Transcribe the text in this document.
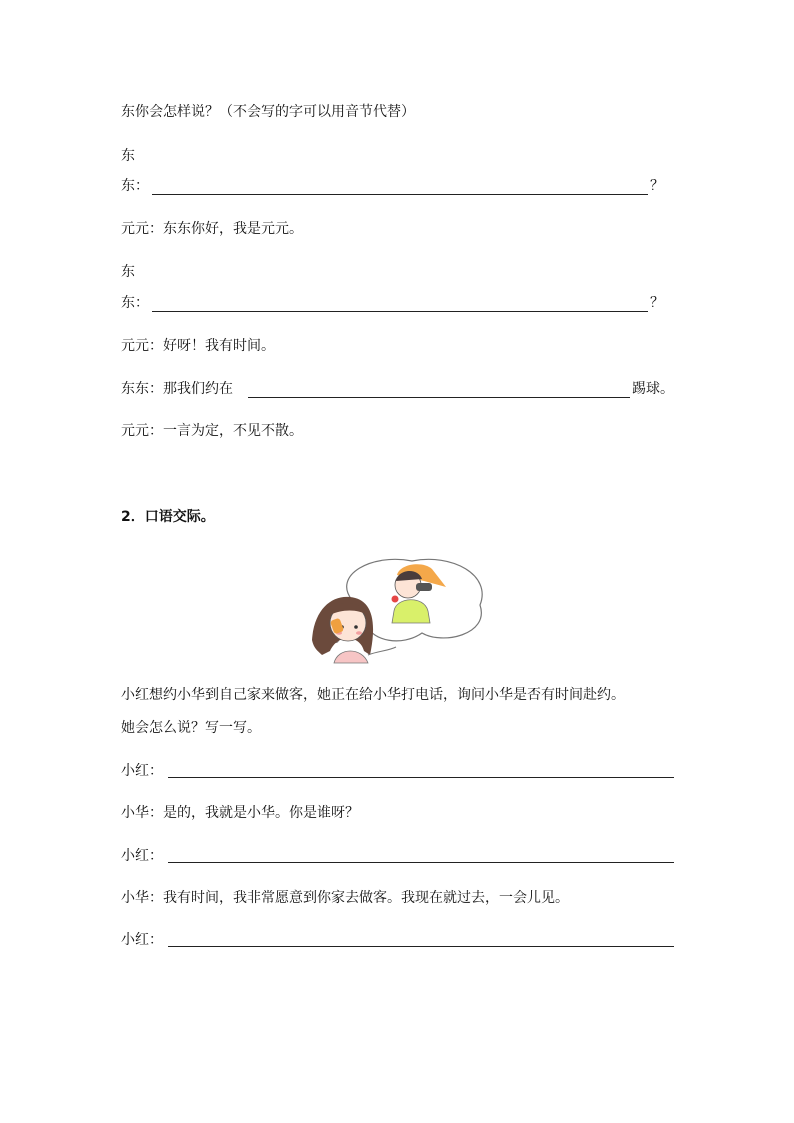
东你会怎样说？（不会写的字可以用音节代替）
东
东：	？
元元：东东你好，我是元元。
东
东：	？
元元：好呀！我有时间。
东东：那我们约在	踢球。
元元：一言为定，不见不散。
2．口语交际。
小红想约小华到自己家来做客，她正在给小华打电话，询问小华是否有时间赴约。
她会怎么说？写一写。
小红：
小华：是的，我就是小华。你是谁呀？
小红：
小华：我有时间，我非常愿意到你家去做客。我现在就过去，一会儿见。
小红：
